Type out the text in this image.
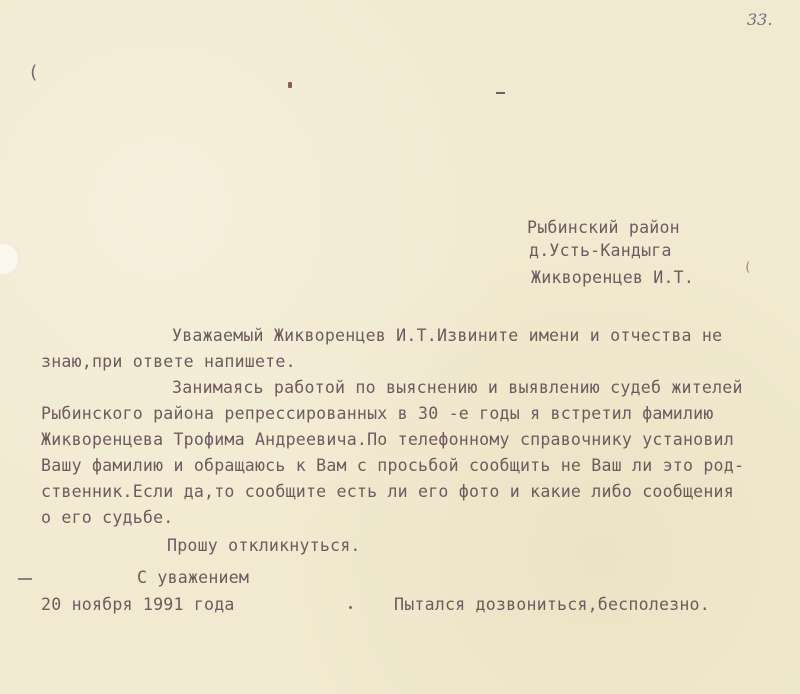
33.
(
(
Рыбинский район
д.Усть-Кандыга
Жикворенцев И.Т.
Уважаемый Жикворенцев И.Т.Извините имени и отчества не
знаю,при ответе напишете.
Занимаясь работой по выяснению и выявлению судеб жителей
Рыбинского района репрессированных в 30 -е годы я встретил фамилию
Жикворенцева Трофима Андреевича.По телефонному справочнику установил
Вашу фамилию и обращаюсь к Вам с просьбой сообщить не Ваш ли это род-
ственник.Если да,то сообщите есть ли его фото и какие либо сообщения
о его судьбе.
Прошу откликнуться.
С уважением
20 ноября 1991 года	Пытался дозвониться,бесполезно.
